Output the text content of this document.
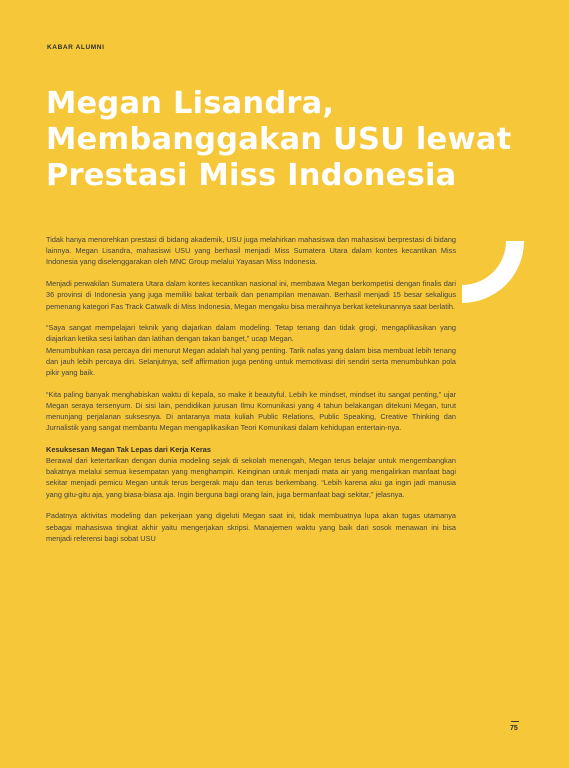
KABAR ALUMNI
Megan Lisandra,
Membanggakan USU lewat
Prestasi Miss Indonesia

Tidak hanya menorehkan prestasi di bidang akademik, USU juga melahirkan mahasiswa dan mahasiswi berprestasi di bidang lainnya. Megan Lisandra, mahasiswi USU yang berhasil menjadi Miss Sumatera Utara dalam kontes kecantikan Miss Indonesia yang diselenggarakan oleh MNC Group melalui Yayasan Miss Indonesia.

Menjadi perwakilan Sumatera Utara dalam kontes kecantikan nasional ini, membawa Megan berkompetisi dengan finalis dari 36 provinsi di Indonesia yang juga memiliki bakat terbaik dan penampilan menawan. Berhasil menjadi 15 besar sekaligus pemenang kategori Fas Track Catwalk di Miss Indonesia, Megan mengaku bisa meraihnya berkat ketekunannya saat berlatih.

“Saya sangat mempelajari teknik yang diajarkan dalam modeling. Tetap tenang dan tidak grogi, mengaplikasikan yang diajarkan ketika sesi latihan dan latihan dengan takan banget,” ucap Megan.

Menumbuhkan rasa percaya diri menurut Megan adalah hal yang penting. Tarik nafas yang dalam bisa membuat lebih tenang dan jauh lebih percaya diri. Selanjutnya, self affirmation juga penting untuk memotivasi diri sendiri serta menumbuhkan pola pikir yang baik.

“Kita paling banyak menghabiskan waktu di kepala, so make it beautyful. Lebih ke mindset, mindset itu sangat penting,” ujar Megan seraya tersenyum. Di sisi lain, pendidikan jurusan Ilmu Komunikasi yang 4 tahun belakangan ditekuni Megan, turut menunjang perjalanan suksesnya. Di antaranya mata kuliah Public Relations, Public Speaking, Creative Thinking dan Jurnalistik yang sangat membantu Megan mengaplikasikan Teori Komunikasi dalam kehidupan entertain-nya.

Kesuksesan Megan Tak Lepas dari Kerja Keras

Berawal dari ketertarikan dengan dunia modeling sejak di sekolah menengah, Megan terus belajar untuk mengembangkan bakatnya melalui semua kesempatan yang menghampiri. Keinginan untuk menjadi mata air yang mengalirkan manfaat bagi sekitar menjadi pemicu Megan untuk terus bergerak maju dan terus berkembang. “Lebih karena aku ga ingin jadi manusia yang gitu-gitu aja, yang biasa-biasa aja. Ingin berguna bagi orang lain, juga bermanfaat bagi sekitar,” jelasnya.

Padatnya aktivitas modeling dan pekerjaan yang digeluti Megan saat ini, tidak membuatnya lupa akan tugas utamanya sebagai mahasiswa tingkat akhir yaitu mengerjakan skripsi. Manajemen waktu yang baik dari sosok menawan ini bisa menjadi referensi bagi sobat USU

75
